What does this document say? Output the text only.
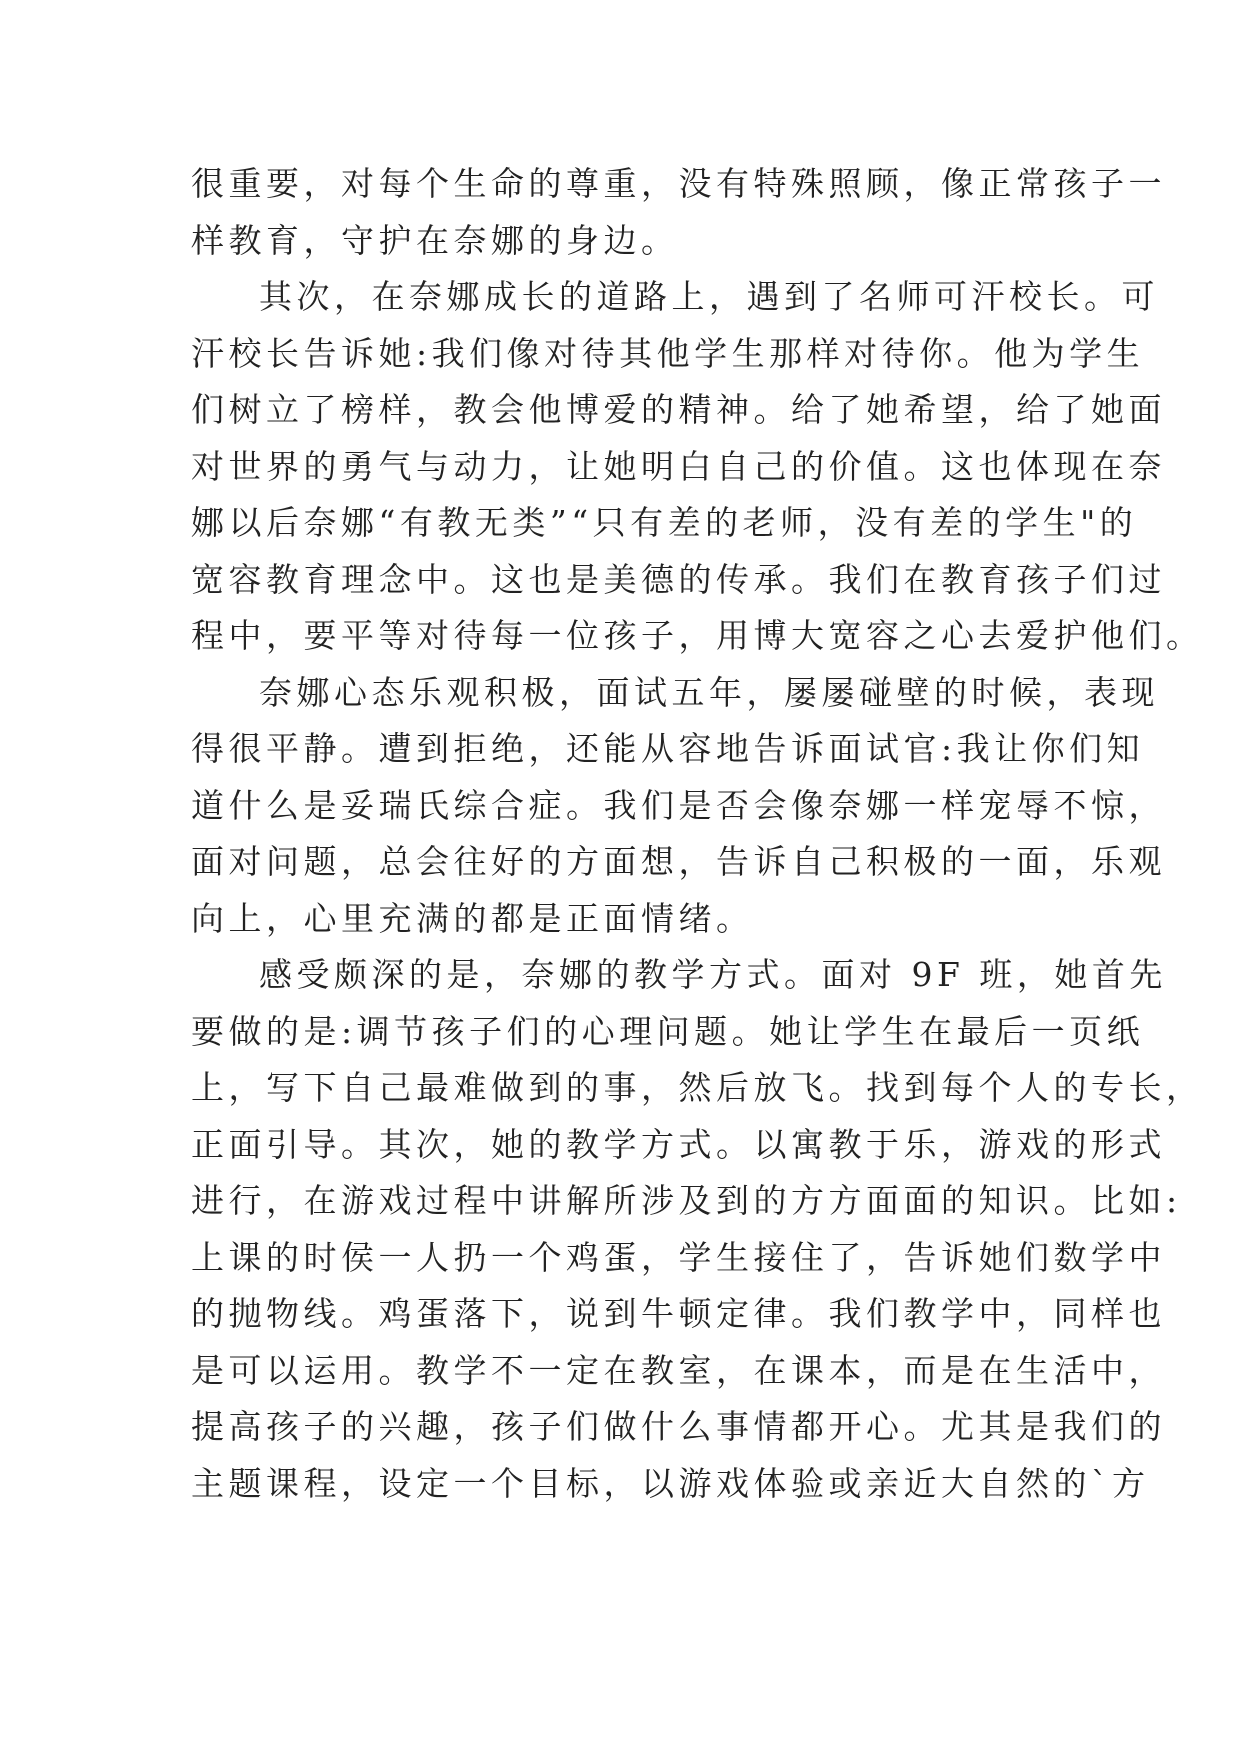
很重要，对每个生命的尊重，没有特殊照顾，像正常孩子一
样教育，守护在奈娜的身边。
其次，在奈娜成长的道路上，遇到了名师可汗校长。可
汗校长告诉她:我们像对待其他学生那样对待你。他为学生
们树立了榜样，教会他博爱的精神。给了她希望，给了她面
对世界的勇气与动力，让她明白自己的价值。这也体现在奈
娜以后奈娜“有教无类”“只有差的老师，没有差的学生"的
宽容教育理念中。这也是美德的传承。我们在教育孩子们过
程中，要平等对待每一位孩子，用博大宽容之心去爱护他们。
奈娜心态乐观积极，面试五年，屡屡碰壁的时候，表现
得很平静。遭到拒绝，还能从容地告诉面试官:我让你们知
道什么是妥瑞氏综合症。我们是否会像奈娜一样宠辱不惊，
面对问题，总会往好的方面想，告诉自己积极的一面，乐观
向上，心里充满的都是正面情绪。
感受颇深的是，奈娜的教学方式。面对 9F 班，她首先
要做的是:调节孩子们的心理问题。她让学生在最后一页纸
上，写下自己最难做到的事，然后放飞。找到每个人的专长，
正面引导。其次，她的教学方式。以寓教于乐，游戏的形式
进行，在游戏过程中讲解所涉及到的方方面面的知识。比如:
上课的时侯一人扔一个鸡蛋，学生接住了，告诉她们数学中
的抛物线。鸡蛋落下，说到牛顿定律。我们教学中，同样也
是可以运用。教学不一定在教室，在课本，而是在生活中，
提高孩子的兴趣，孩子们做什么事情都开心。尤其是我们的
主题课程，设定一个目标，以游戏体验或亲近大自然的`方
